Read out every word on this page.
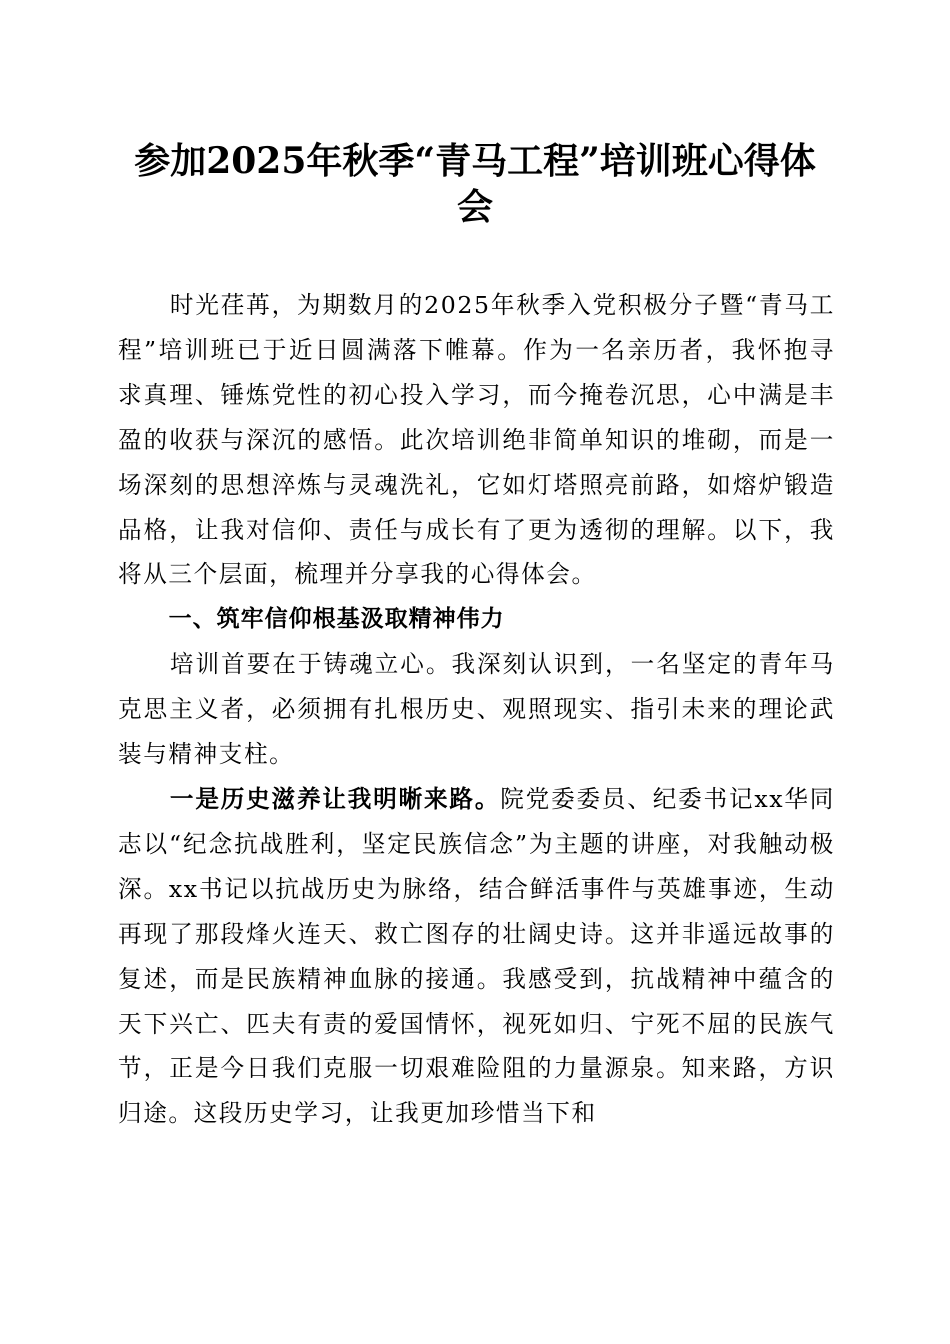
参加2025年秋季“青马工程”培训班心得体
会

时光荏苒，为期数月的2025年秋季入党积极分子暨“青马工程”培训班已于近日圆满落下帷幕。作为一名亲历者，我怀抱寻求真理、锤炼党性的初心投入学习，而今掩卷沉思，心中满是丰盈的收获与深沉的感悟。此次培训绝非简单知识的堆砌，而是一场深刻的思想淬炼与灵魂洗礼，它如灯塔照亮前路，如熔炉锻造品格，让我对信仰、责任与成长有了更为透彻的理解。以下，我将从三个层面，梳理并分享我的心得体会。

一、筑牢信仰根基汲取精神伟力

培训首要在于铸魂立心。我深刻认识到，一名坚定的青年马克思主义者，必须拥有扎根历史、观照现实、指引未来的理论武装与精神支柱。

一是历史滋养让我明晰来路。院党委委员、纪委书记xx华同志以“纪念抗战胜利，坚定民族信念”为主题的讲座，对我触动极深。xx书记以抗战历史为脉络，结合鲜活事件与英雄事迹，生动再现了那段烽火连天、救亡图存的壮阔史诗。这并非遥远故事的复述，而是民族精神血脉的接通。我感受到，抗战精神中蕴含的天下兴亡、匹夫有责的爱国情怀，视死如归、宁死不屈的民族气节，正是今日我们克服一切艰难险阻的力量源泉。知来路，方识归途。这段历史学习，让我更加珍惜当下和
